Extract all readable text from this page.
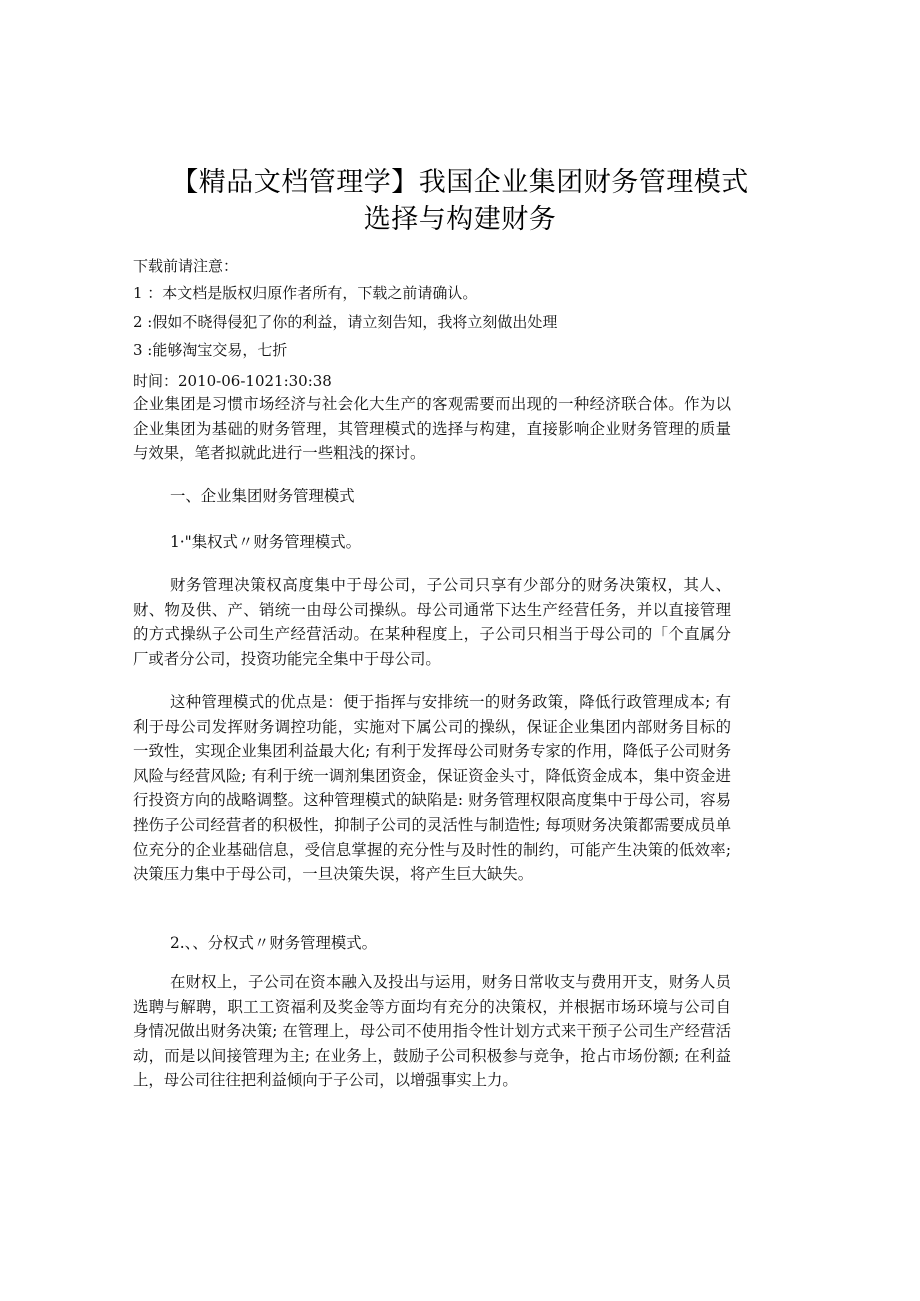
【精品文档管理学】我国企业集团财务管理模式
选择与构建财务

下载前请注意：

1 ：本文档是版权归原作者所有，下载之前请确认。

2 :假如不晓得侵犯了你的利益，请立刻告知，我将立刻做出处理

3 :能够淘宝交易，七折

时间：2010-06-1021:30:38

企业集团是习惯市场经济与社会化大生产的客观需要而出现的一种经济联合体。作为以企业集团为基础的财务管理，其管理模式的选择与构建，直接影响企业财务管理的质量与效果，笔者拟就此进行一些粗浅的探讨。

一、企业集团财务管理模式

1·"集权式〃财务管理模式。

财务管理决策权高度集中于母公司，子公司只享有少部分的财务决策权，其人、财、物及供、产、销统一由母公司操纵。母公司通常下达生产经营任务，并以直接管理的方式操纵子公司生产经营活动。在某种程度上，子公司只相当于母公司的「个直属分厂或者分公司，投资功能完全集中于母公司。

这种管理模式的优点是：便于指挥与安排统一的财务政策，降低行政管理成本; 有利于母公司发挥财务调控功能，实施对下属公司的操纵，保证企业集团内部财务目标的一致性，实现企业集团利益最大化; 有利于发挥母公司财务专家的作用，降低子公司财务风险与经营风险; 有利于统一调剂集团资金，保证资金头寸，降低资金成本，集中资金进行投资方向的战略调整。这种管理模式的缺陷是: 财务管理权限高度集中于母公司，容易挫伤子公司经营者的积极性，抑制子公司的灵活性与制造性; 每项财务决策都需要成员单位充分的企业基础信息，受信息掌握的充分性与及时性的制约，可能产生决策的低效率; 决策压力集中于母公司，一旦决策失误，将产生巨大缺失。

2.、、分权式〃财务管理模式。

在财权上，子公司在资本融入及投出与运用，财务日常收支与费用开支，财务人员选聘与解聘，职工工资福利及奖金等方面均有充分的决策权，并根据市场环境与公司自身情况做出财务决策; 在管理上，母公司不使用指令性计划方式来干预子公司生产经营活动，而是以间接管理为主; 在业务上，鼓励子公司积极参与竞争，抢占市场份额; 在利益上，母公司往往把利益倾向于子公司，以增强事实上力。
